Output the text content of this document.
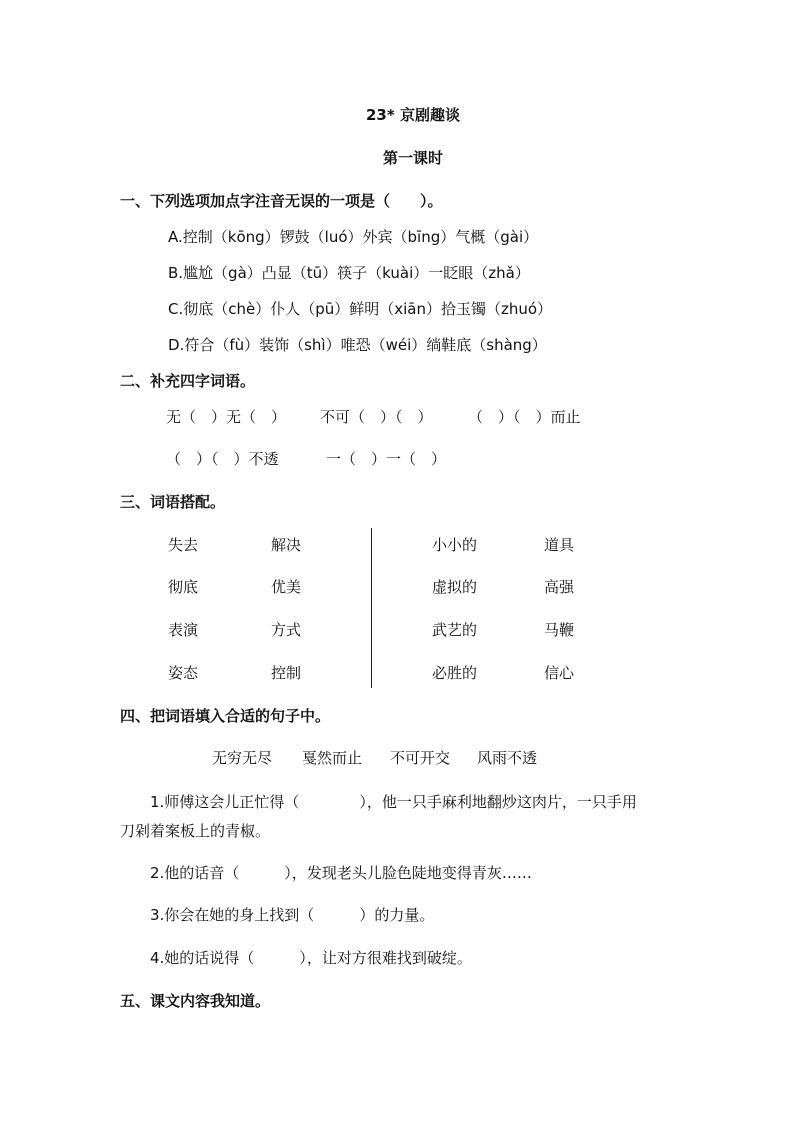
23* 京剧趣谈
第一课时
一、下列选项加点字注音无误的一项是（　　）。
A.控制（kōng）锣鼓（luó）外宾（bīng）气概（gài）
B.尴尬（gà）凸显（tū）筷子（kuài）一眨眼（zhǎ）
C.彻底（chè）仆人（pū）鲜明（xiān）拾玉镯（zhuó）
D.符合（fù）装饰（shì）唯恐（wéi）绱鞋底（shàng）
二、补充四字词语。
无（　）无（　） 不可（　）（　） （　）（　）而止
（　）（　）不透	一（　）一（　）
三、词语搭配。
失去
彻底
表演
姿态
解决
优美
方式
控制
小小的
虚拟的
武艺的
必胜的
道具
高强
马鞭
信心
四、把词语填入合适的句子中。
无穷无尽 戛然而止 不可开交 风雨不透
1.师傅这会儿正忙得（　　　　），他一只手麻利地翻炒这肉片，一只手用
刀剁着案板上的青椒。
2.他的话音（　　　），发现老头儿脸色陡地变得青灰……
3.你会在她的身上找到（　　　）的力量。
4.她的话说得（　　　），让对方很难找到破绽。
五、课文内容我知道。
